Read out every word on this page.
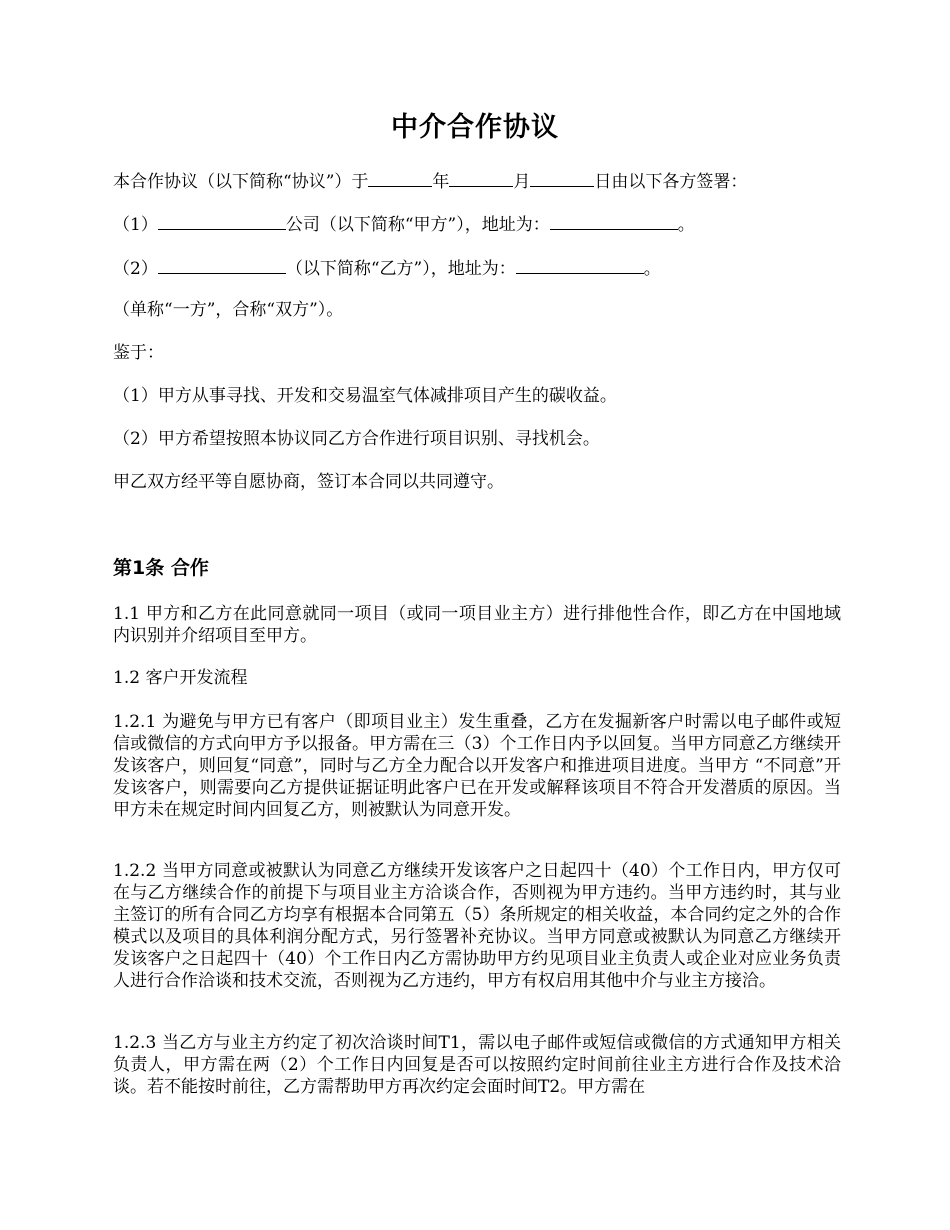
中介合作协议
本合作协议（以下简称“协议”）于	年	月	日由以下各方签署：
（1）	公司（以下简称“甲方”），地址为：	。
（2）	（以下简称“乙方”），地址为：	。
（单称“一方”，合称“双方”）。
鉴于：
（1）甲方从事寻找、开发和交易温室气体减排项目产生的碳收益。
（2）甲方希望按照本协议同乙方合作进行项目识别、寻找机会。
甲乙双方经平等自愿协商，签订本合同以共同遵守。
第1条 合作
1.1 甲方和乙方在此同意就同一项目（或同一项目业主方）进行排他性合作，即乙方在中国地域内识别并介绍项目至甲方。
1.2 客户开发流程
1.2.1 为避免与甲方已有客户（即项目业主）发生重叠，乙方在发掘新客户时需以电子邮件或短信或微信的方式向甲方予以报备。甲方需在三（3）个工作日内予以回复。当甲方同意乙方继续开发该客户，则回复“同意”，同时与乙方全力配合以开发客户和推进项目进度。当甲方 “不同意”开发该客户，则需要向乙方提供证据证明此客户已在开发或解释该项目不符合开发潜质的原因。当甲方未在规定时间内回复乙方，则被默认为同意开发。
1.2.2 当甲方同意或被默认为同意乙方继续开发该客户之日起四十（40）个工作日内，甲方仅可在与乙方继续合作的前提下与项目业主方洽谈合作，否则视为甲方违约。当甲方违约时，其与业主签订的所有合同乙方均享有根据本合同第五（5）条所规定的相关收益，本合同约定之外的合作模式以及项目的具体利润分配方式，另行签署补充协议。当甲方同意或被默认为同意乙方继续开发该客户之日起四十（40）个工作日内乙方需协助甲方约见项目业主负责人或企业对应业务负责人进行合作洽谈和技术交流，否则视为乙方违约，甲方有权启用其他中介与业主方接洽。
1.2.3 当乙方与业主方约定了初次洽谈时间T1，需以电子邮件或短信或微信的方式通知甲方相关负责人，甲方需在两（2）个工作日内回复是否可以按照约定时间前往业主方进行合作及技术洽谈。若不能按时前往，乙方需帮助甲方再次约定会面时间T2。甲方需在
